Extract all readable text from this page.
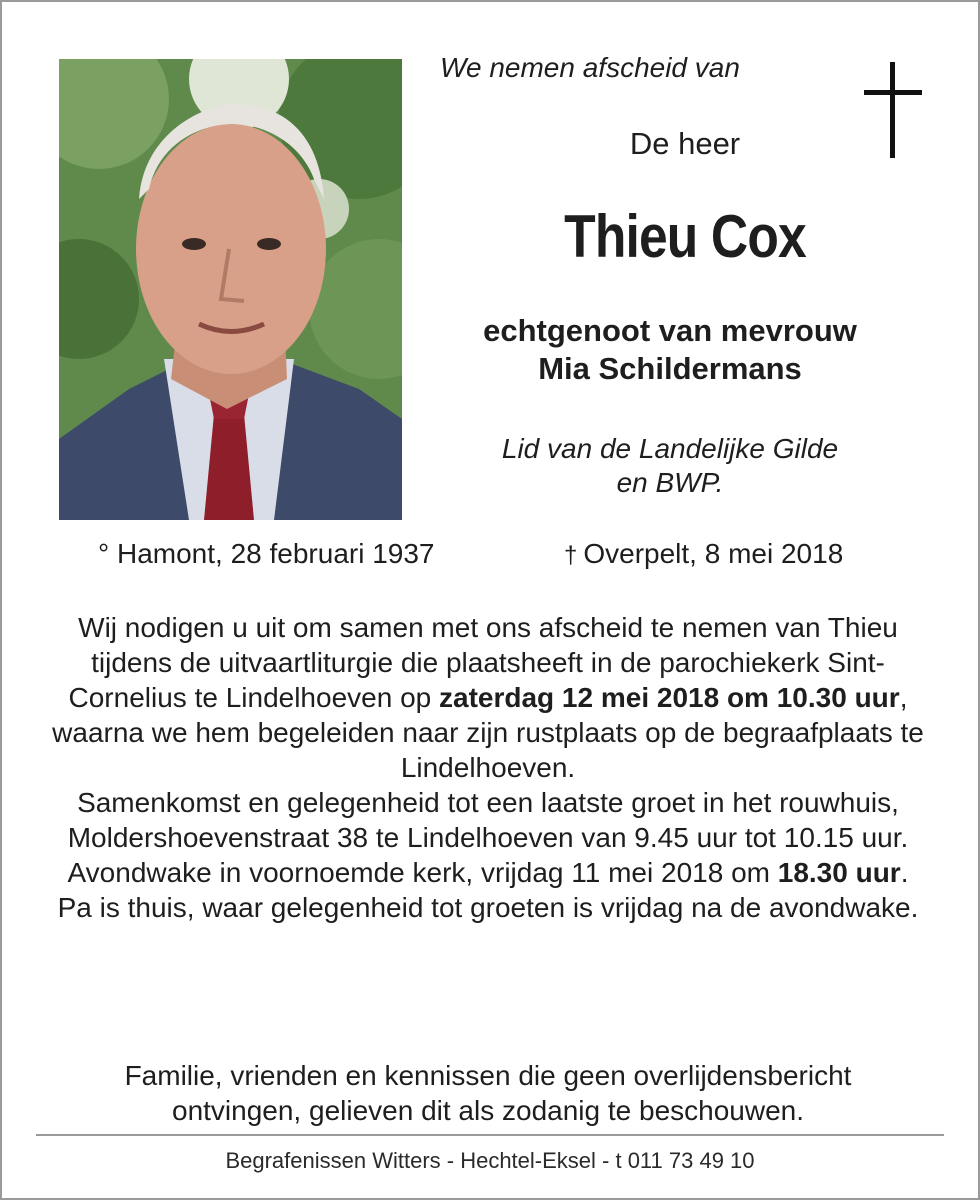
We nemen afscheid van
De heer
Thieu Cox
echtgenoot van mevrouw
Mia Schildermans
Lid van de Landelijke Gilde
en BWP.
° Hamont, 28 februari 1937	† Overpelt, 8 mei 2018
Wij nodigen u uit om samen met ons afscheid te nemen van Thieu tijdens de uitvaartliturgie die plaatsheeft in de parochiekerk Sint-Cornelius te Lindelhoeven op zaterdag 12 mei 2018 om 10.30 uur, waarna we hem begeleiden naar zijn rustplaats op de begraafplaats te Lindelhoeven.
Samenkomst en gelegenheid tot een laatste groet in het rouwhuis, Moldershoevenstraat 38 te Lindelhoeven van 9.45 uur tot 10.15 uur.
Avondwake in voornoemde kerk, vrijdag 11 mei 2018 om 18.30 uur.
Pa is thuis, waar gelegenheid tot groeten is vrijdag na de avondwake.
Familie, vrienden en kennissen die geen overlijdensbericht
ontvingen, gelieven dit als zodanig te beschouwen.
Begrafenissen Witters - Hechtel-Eksel - t 011 73 49 10
